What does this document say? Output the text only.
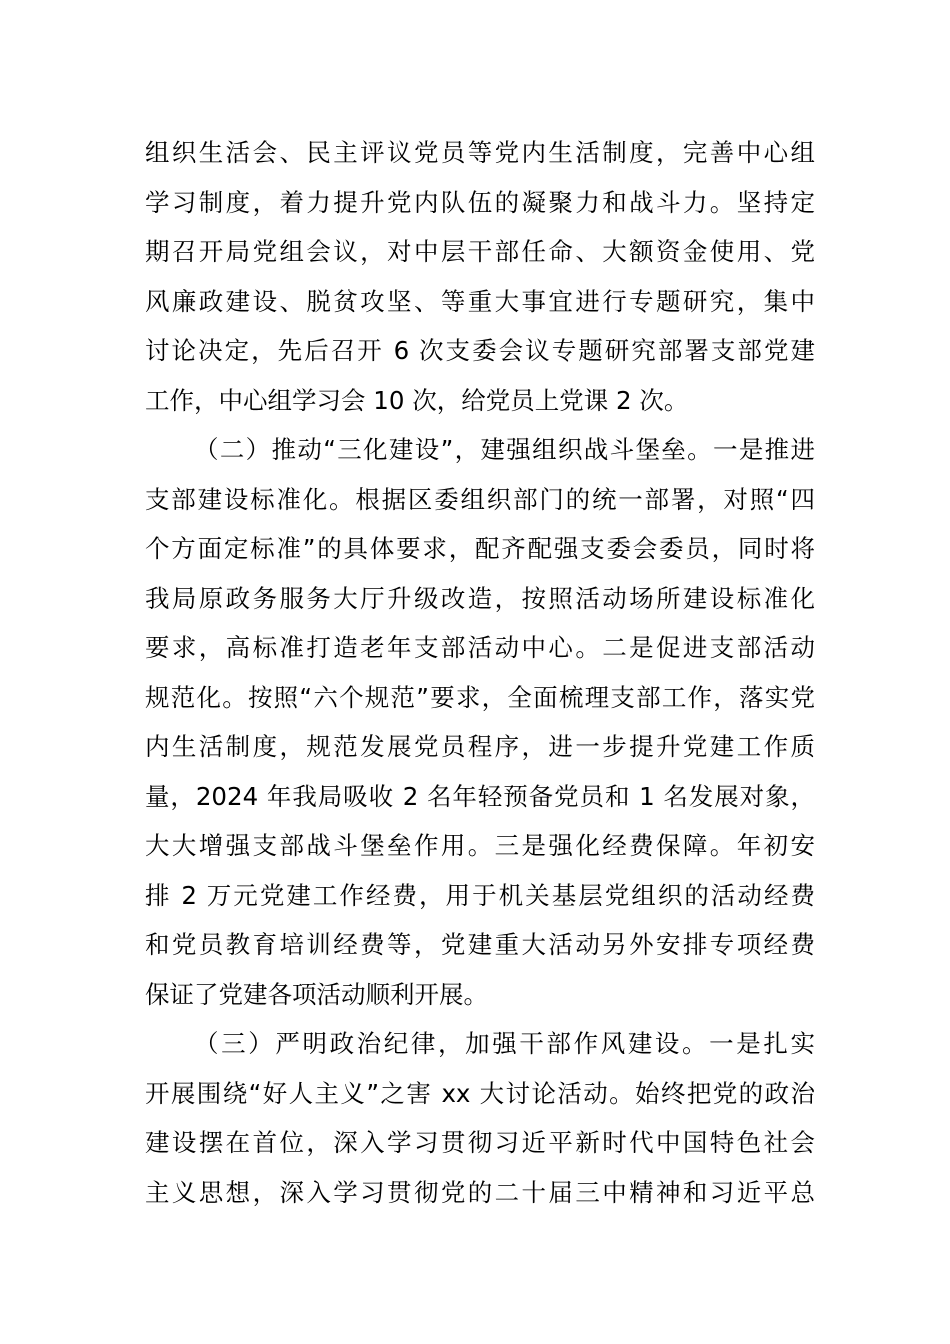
组织生活会、民主评议党员等党内生活制度，完善中心组
学习制度，着力提升党内队伍的凝聚力和战斗力。坚持定
期召开局党组会议，对中层干部任命、大额资金使用、党
风廉政建设、脱贫攻坚、等重大事宜进行专题研究，集中
讨论决定，先后召开 6 次支委会议专题研究部署支部党建
工作，中心组学习会 10 次，给党员上党课 2 次。
（二）推动“三化建设”，建强组织战斗堡垒。一是推进
支部建设标准化。根据区委组织部门的统一部署，对照“四
个方面定标准”的具体要求，配齐配强支委会委员，同时将
我局原政务服务大厅升级改造，按照活动场所建设标准化
要求，高标准打造老年支部活动中心。二是促进支部活动
规范化。按照“六个规范”要求，全面梳理支部工作，落实党
内生活制度，规范发展党员程序，进一步提升党建工作质
量，2024 年我局吸收 2 名年轻预备党员和 1 名发展对象，
大大增强支部战斗堡垒作用。三是强化经费保障。年初安
排 2 万元党建工作经费，用于机关基层党组织的活动经费
和党员教育培训经费等，党建重大活动另外安排专项经费
保证了党建各项活动顺利开展。
（三）严明政治纪律，加强干部作风建设。一是扎实
开展围绕“好人主义”之害 xx 大讨论活动。始终把党的政治
建设摆在首位，深入学习贯彻习近平新时代中国特色社会
主义思想，深入学习贯彻党的二十届三中精神和习近平总
